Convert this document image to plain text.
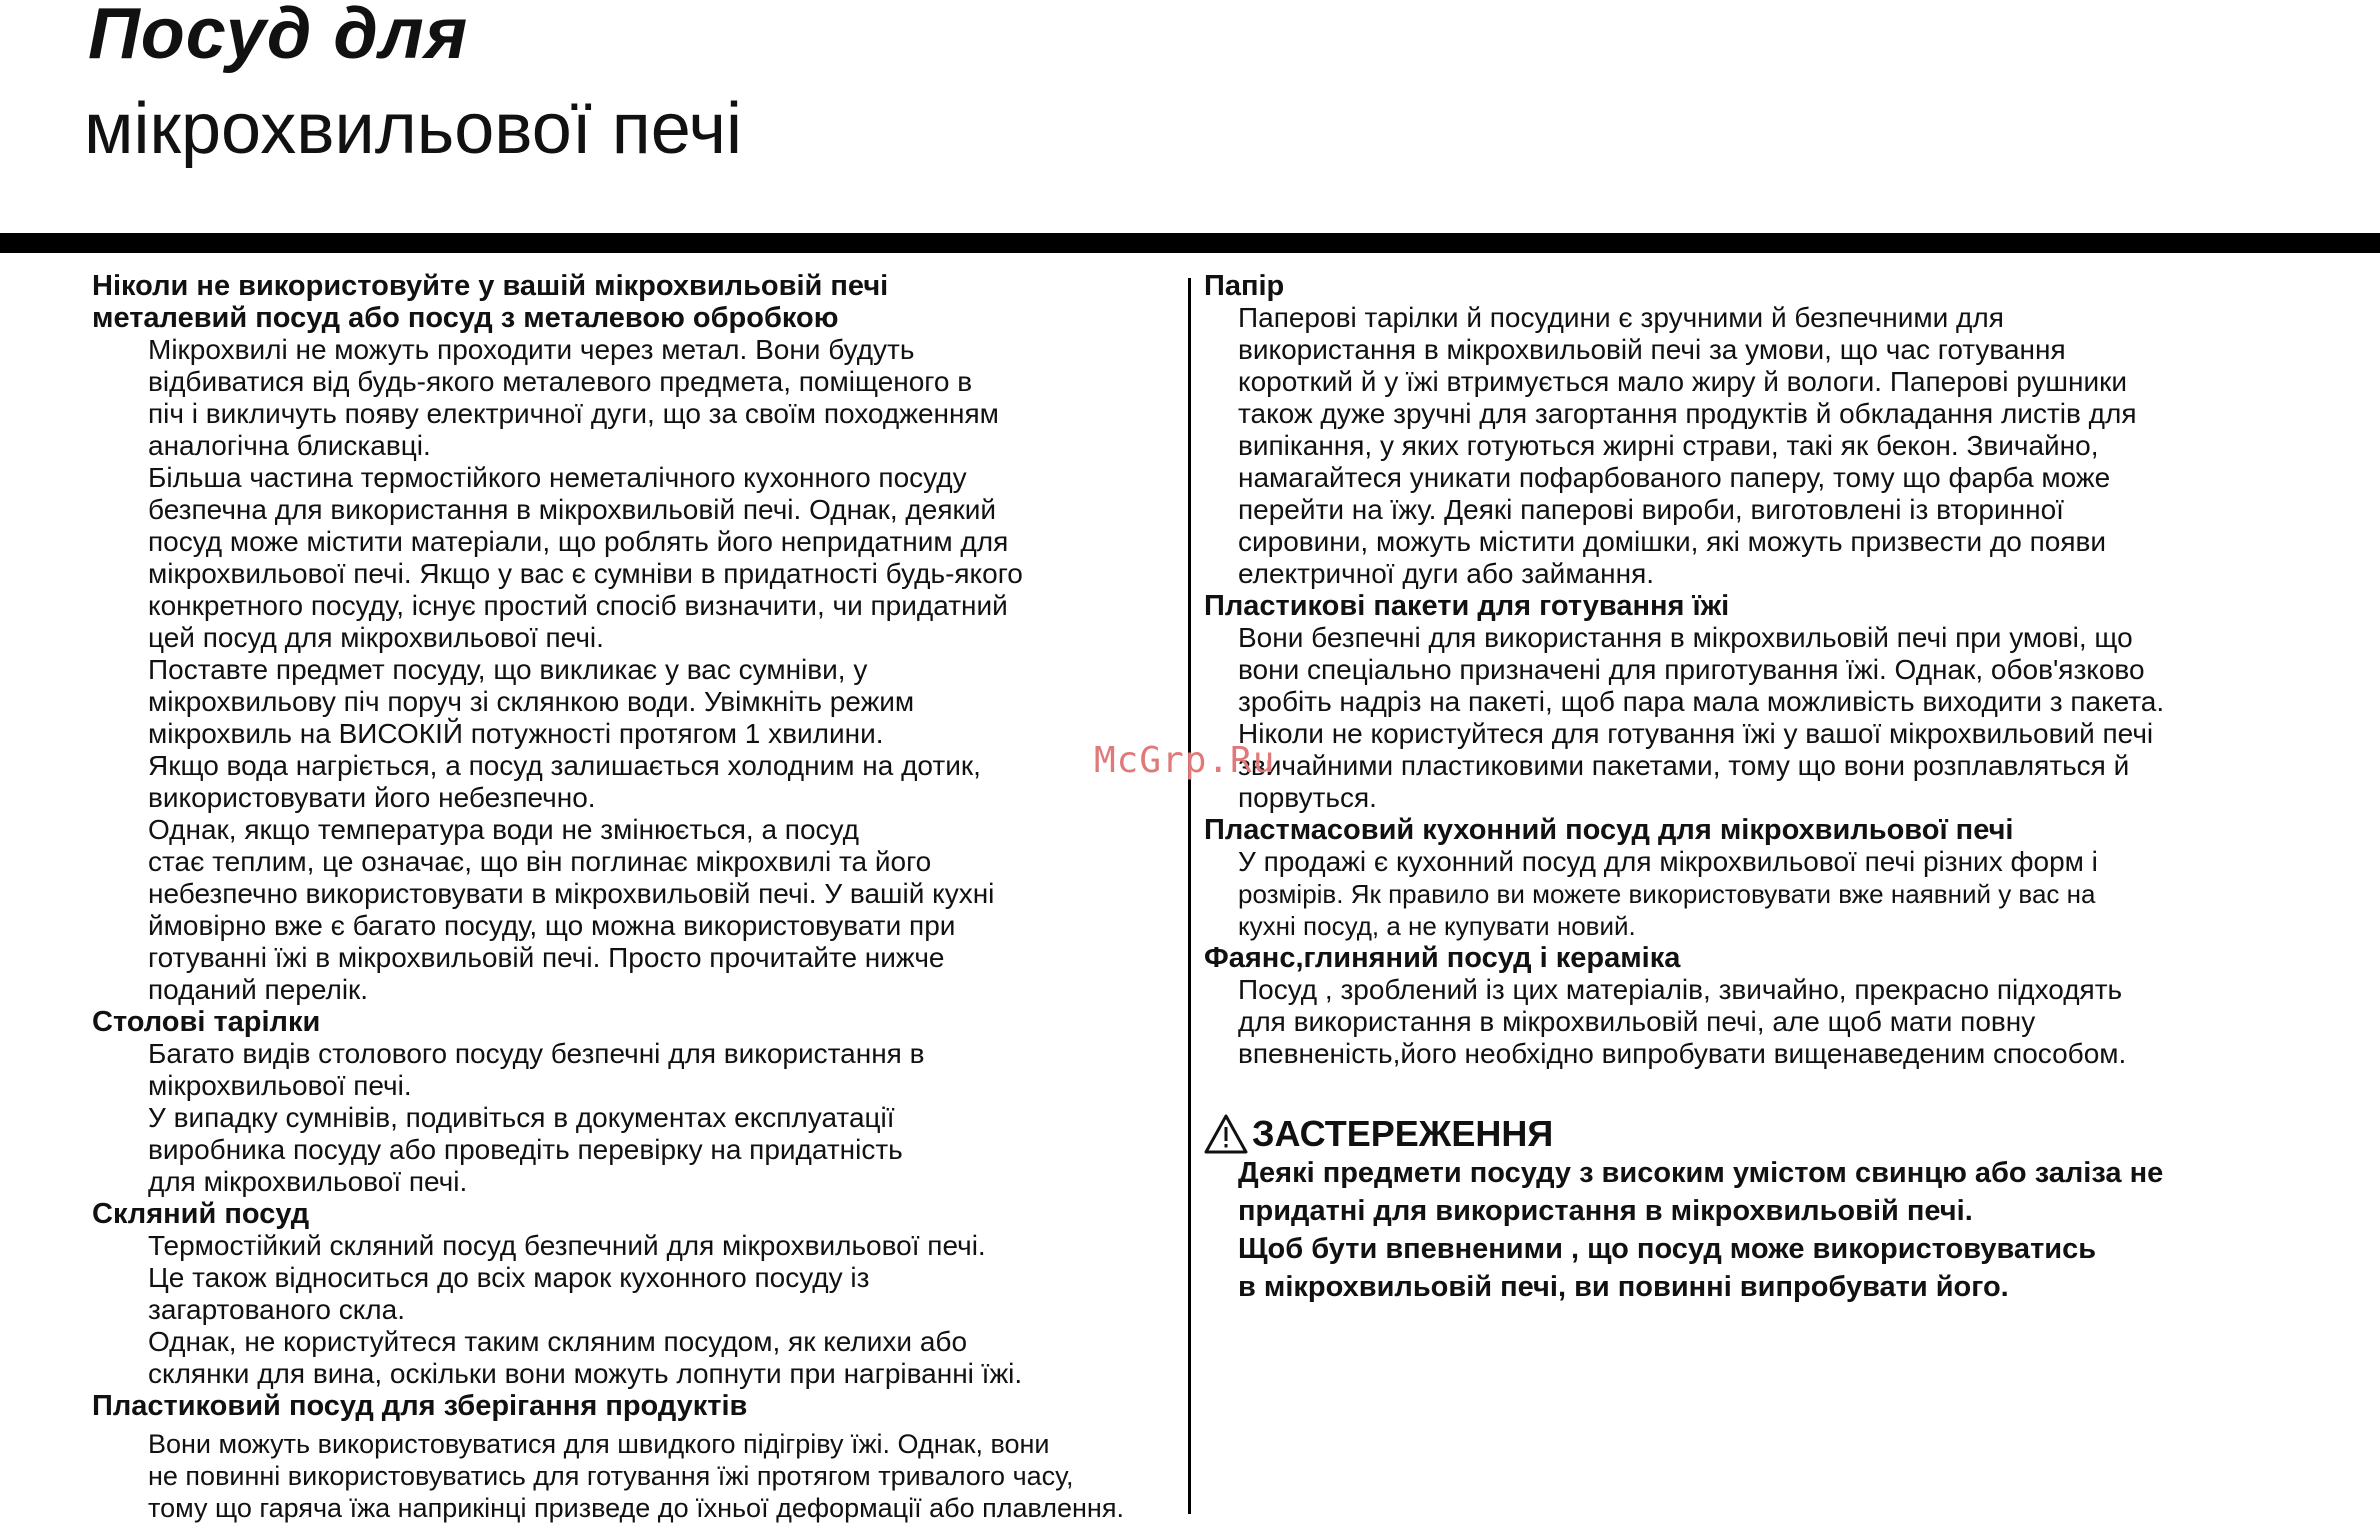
Посуд для
мікрохвильової печі

Ніколи не використовуйте у вашій мікрохвильовій печі

металевий посуд або посуд з металевою обробкою

Мікрохвилі не можуть проходити через метал. Вони будуть
відбиватися від будь-якого металевого предмета, поміщеного в
піч і викличуть появу електричної дуги, що за своїм походженням
аналогічна блискавці.
Більша частина термостійкого неметалічного кухонного посуду
безпечна для використання в мікрохвильовій печі. Однак, деякий
посуд може містити матеріали, що роблять його непридатним для
мікрохвильової печі. Якщо у вас є сумніви в придатності будь-якого
конкретного посуду, існує простий спосіб визначити, чи придатний
цей посуд для мікрохвильової печі.
Поставте предмет посуду, що викликає у вас сумніви, у
мікрохвильову піч поруч зі склянкою води. Увімкніть режим
мікрохвиль на ВИСОКІЙ потужності протягом 1 хвилини.
Якщо вода нагріється, а посуд залишається холодним на дотик,
використовувати його небезпечно.
Однак, якщо температура води не змінюється, а посуд
стає теплим, це означає, що він поглинає мікрохвилі та його
небезпечно використовувати в мікрохвильовій печі. У вашій кухні
ймовірно вже є багато посуду, що можна використовувати при
готуванні їжі в мікрохвильовій печі. Просто прочитайте нижче
поданий перелік.

Столові тарілки

Багато видів столового посуду безпечні для використання в
мікрохвильової печі.
У випадку сумнівів, подивіться в документах експлуатації
виробника посуду або проведіть перевірку на придатність
для мікрохвильової печі.

Скляний посуд

Термостійкий скляний посуд безпечний для мікрохвильової печі.
Це також відноситься до всіх марок кухонного посуду із
загартованого скла.
Однак, не користуйтеся таким скляним посудом, як келихи або
склянки для вина, оскільки вони можуть лопнути при нагріванні їжі.

Пластиковий посуд для зберігання продуктів

Вони можуть використовуватися для швидкого підігріву їжі. Однак, вони
не повинні використовуватись для готування їжі протягом тривалого часу,
тому що гаряча їжа наприкінці призведе до їхньої деформації або плавлення.

Папір

Паперові тарілки й посудини є зручними й безпечними для
використання в мікрохвильовій печі за умови, що час готування
короткий й у їжі втримується мало жиру й вологи. Паперові рушники
також дуже зручні для загортання продуктів й обкладання листів для
випікання, у яких готуються жирні страви, такі як бекон. Звичайно,
намагайтеся уникати пофарбованого паперу, тому що фарба може
перейти на їжу. Деякі паперові вироби, виготовлені із вторинної
сировини, можуть містити домішки, які можуть призвести до появи
електричної дуги або займання.

Пластикові пакети для готування їжі

Вони безпечні для використання в мікрохвильовій печі при умові, що
вони спеціально призначені для приготування їжі. Однак, обов'язково
зробіть надріз на пакеті, щоб пара мала можливість виходити з пакета.
Ніколи не користуйтеся для готування їжі у вашої мікрохвильовий печі
звичайними пластиковими пакетами, тому що вони розплавляться й
порвуться.

Пластмасовий кухонний посуд для мікрохвильової печі

У продажі є кухонний посуд для мікрохвильової печі різних форм і
розмірів. Як правило ви можете використовувати вже наявний у вас на
кухні посуд, а не купувати новий.

Фаянс,глиняний посуд і кераміка

Посуд , зроблений із цих матеріалів, звичайно, прекрасно підходять
для використання в мікрохвильовій печі, але щоб мати повну
впевненість,його необхідно випробувати вищенаведеним способом.
ЗАСТЕРЕЖЕННЯ
Деякі предмети посуду з високим умістом свинцю або заліза не
придатні для використання в мікрохвильовій печі.
Щоб бути впевненими , що посуд може використовуватись
в мікрохвильовій печі, ви повинні випробувати його.
McGrp.Ru
